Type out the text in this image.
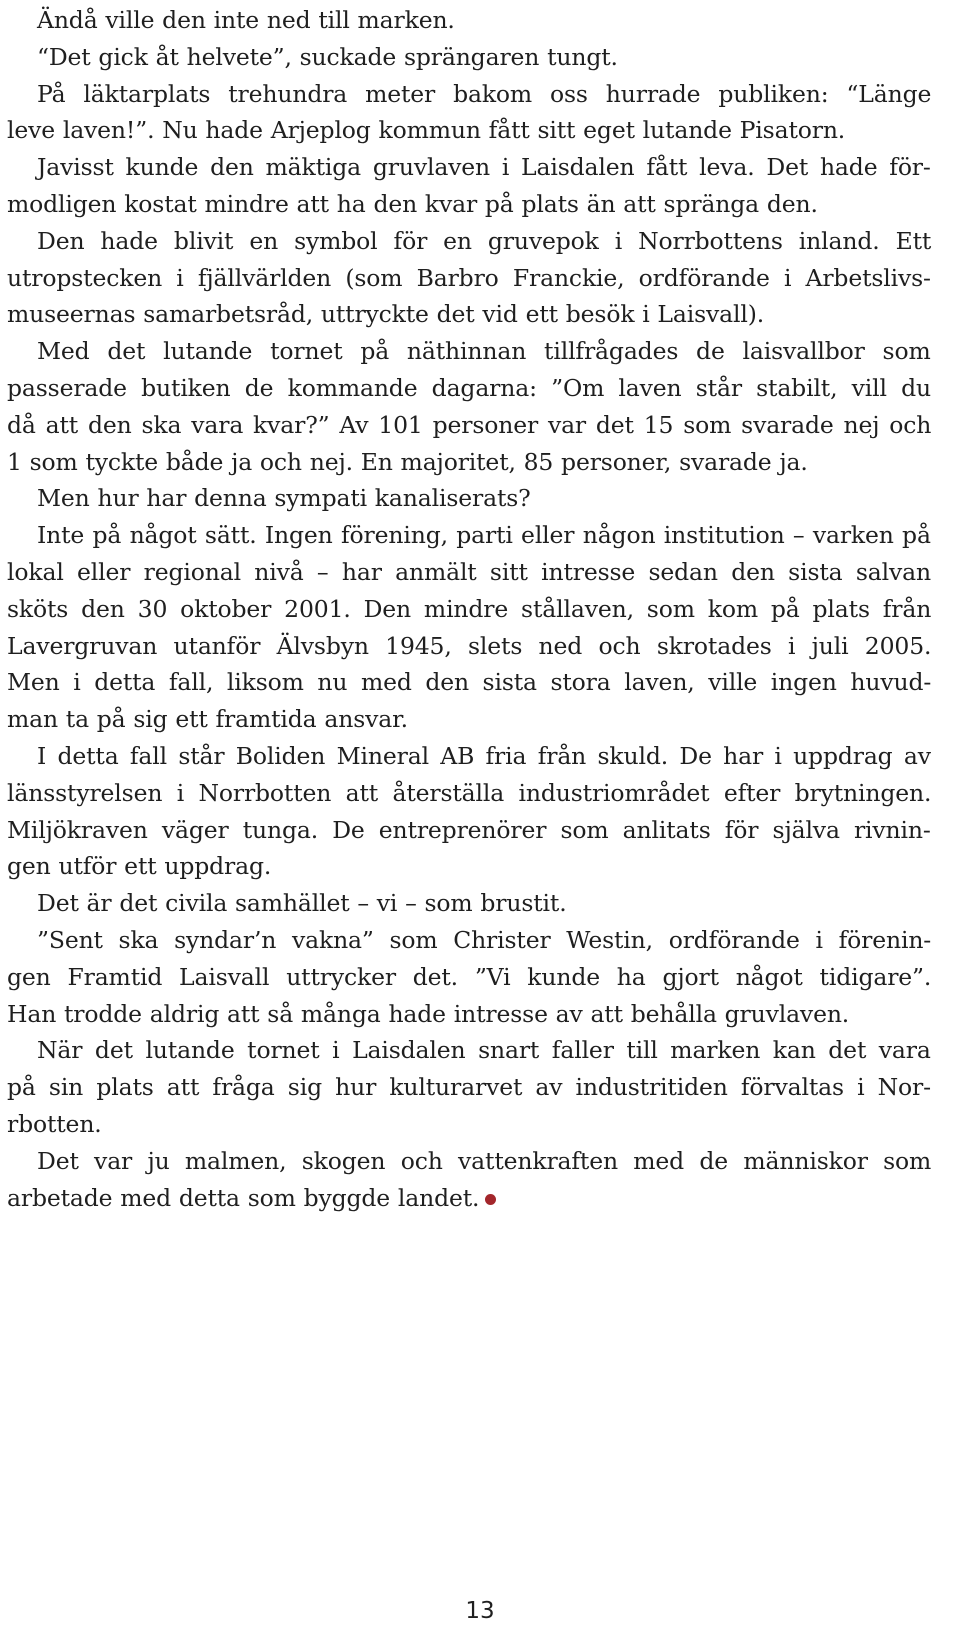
Ändå ville den inte ned till marken.
“Det gick åt helvete”, suckade sprängaren tungt.
På läktarplats trehundra meter bakom oss hurrade publiken: “Länge
leve laven!”. Nu hade Arjeplog kommun fått sitt eget lutande Pisatorn.
Javisst kunde den mäktiga gruvlaven i Laisdalen fått leva. Det hade för-
modligen kostat mindre att ha den kvar på plats än att spränga den.
Den hade blivit en symbol för en gruvepok i Norrbottens inland. Ett
utropstecken i fjällvärlden (som Barbro Franckie, ordförande i Arbetslivs-
museernas samarbetsråd, uttryckte det vid ett besök i Laisvall).
Med det lutande tornet på näthinnan tillfrågades de laisvallbor som
passerade butiken de kommande dagarna: ”Om laven står stabilt, vill du
då att den ska vara kvar?” Av 101 personer var det 15 som svarade nej och
1 som tyckte både ja och nej. En majoritet, 85 personer, svarade ja.
Men hur har denna sympati kanaliserats?
Inte på något sätt. Ingen förening, parti eller någon institution – varken på
lokal eller regional nivå – har anmält sitt intresse sedan den sista salvan
sköts den 30 oktober 2001. Den mindre stållaven, som kom på plats från
Lavergruvan utanför Älvsbyn 1945, slets ned och skrotades i juli 2005.
Men i detta fall, liksom nu med den sista stora laven, ville ingen huvud-
man ta på sig ett framtida ansvar.
I detta fall står Boliden Mineral AB fria från skuld. De har i uppdrag av
länsstyrelsen i Norrbotten att återställa industriområdet efter brytningen.
Miljökraven väger tunga. De entreprenörer som anlitats för själva rivnin-
gen utför ett uppdrag.
Det är det civila samhället – vi – som brustit.
”Sent ska syndar’n vakna” som Christer Westin, ordförande i förenin-
gen Framtid Laisvall uttrycker det. ”Vi kunde ha gjort något tidigare”.
Han trodde aldrig att så många hade intresse av att behålla gruvlaven.
När det lutande tornet i Laisdalen snart faller till marken kan det vara
på sin plats att fråga sig hur kulturarvet av industritiden förvaltas i Nor-
rbotten.
Det var ju malmen, skogen och vattenkraften med de människor som
arbetade med detta som byggde landet.
13
